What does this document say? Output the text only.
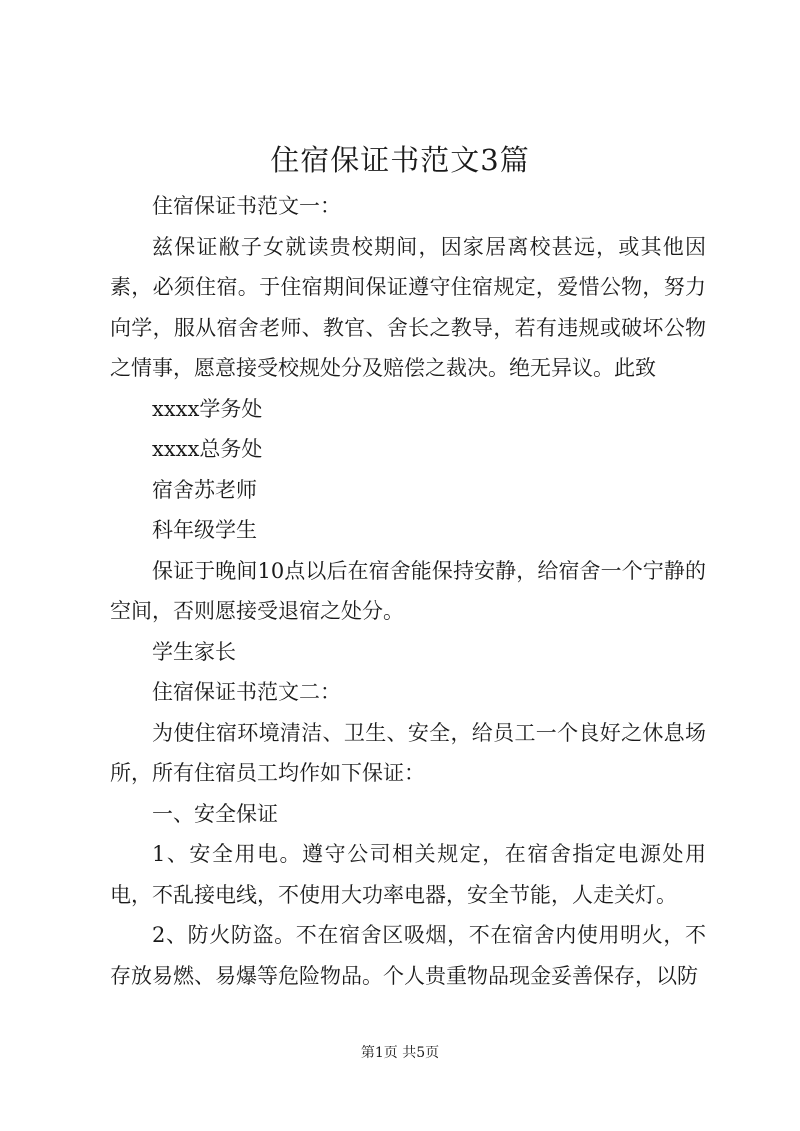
住宿保证书范文3篇

住宿保证书范文一：

兹保证敝子女就读贵校期间，因家居离校甚远，或其他因素，必须住宿。于住宿期间保证遵守住宿规定，爱惜公物，努力向学，服从宿舍老师、教官、舍长之教导，若有违规或破坏公物之情事，愿意接受校规处分及赔偿之裁决。绝无异议。此致

xxxx学务处

xxxx总务处

宿舍苏老师

科年级学生

保证于晚间10点以后在宿舍能保持安静，给宿舍一个宁静的空间，否则愿接受退宿之处分。

学生家长

住宿保证书范文二：

为使住宿环境清洁、卫生、安全，给员工一个良好之休息场所，所有住宿员工均作如下保证：

一、安全保证

1、安全用电。遵守公司相关规定，在宿舍指定电源处用电，不乱接电线，不使用大功率电器，安全节能，人走关灯。

2、防火防盗。不在宿舍区吸烟，不在宿舍内使用明火，不存放易燃、易爆等危险物品。个人贵重物品现金妥善保存，以防

第1页 共5页
